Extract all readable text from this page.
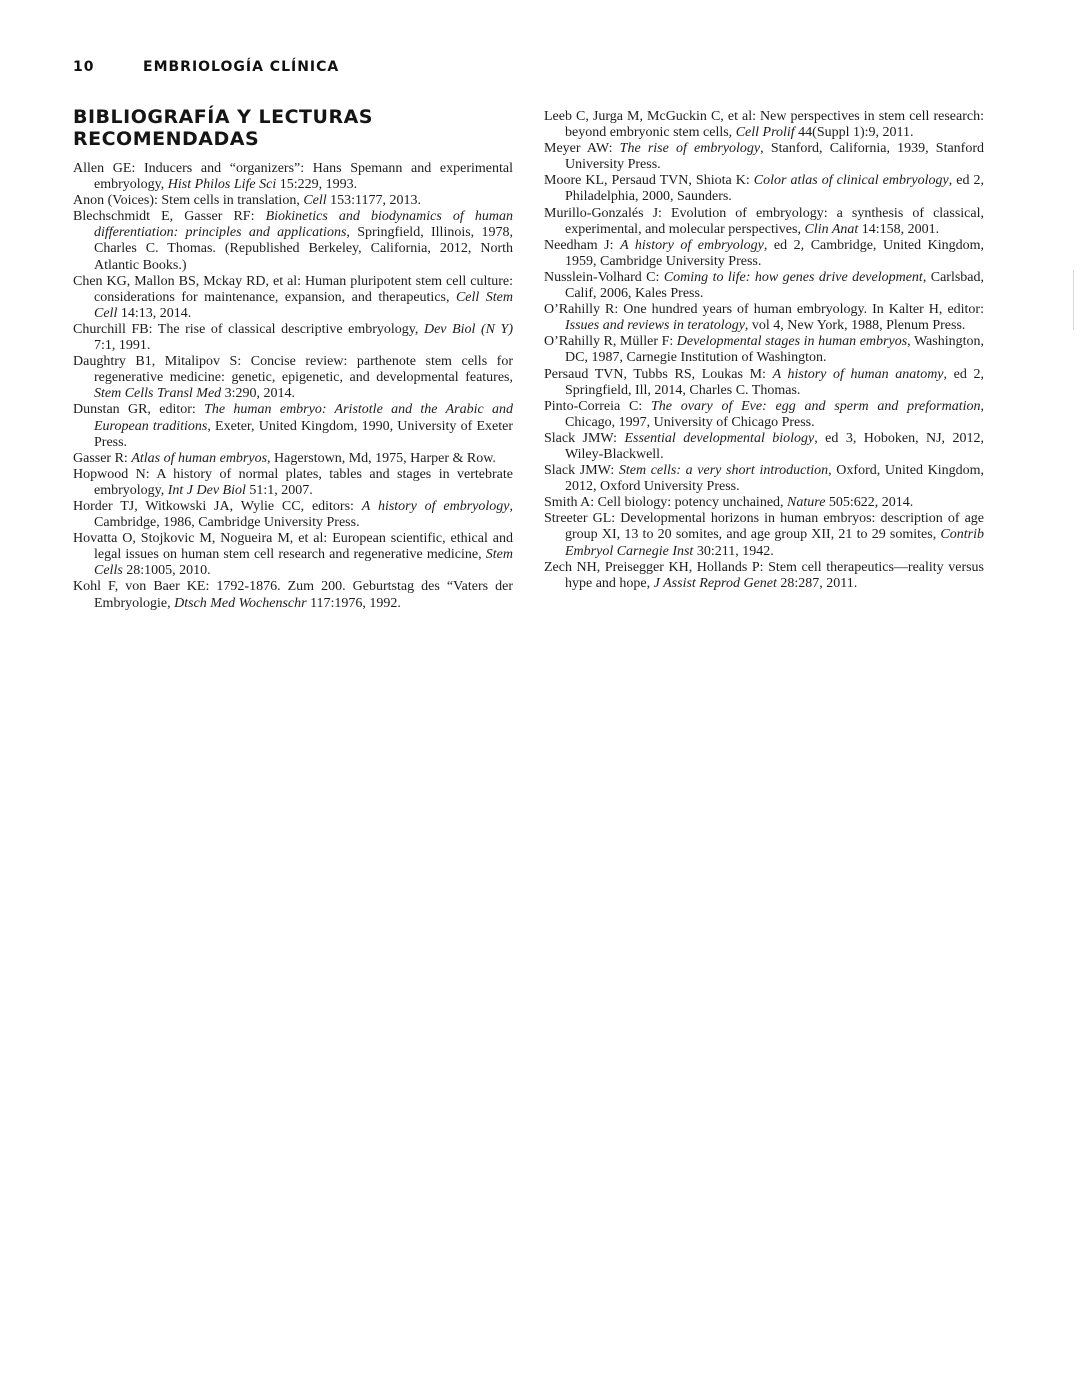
10	EMBRIOLOGÍA CLÍNICA
BIBLIOGRAFÍA Y LECTURAS
RECOMENDADAS
Allen GE: Inducers and “organizers”: Hans Spemann and experimental embryology, Hist Philos Life Sci 15:229, 1993.
Anon (Voices): Stem cells in translation, Cell 153:1177, 2013.
Blechschmidt E, Gasser RF: Biokinetics and biodynamics of human differentiation: principles and applications, Springfield, Illinois, 1978, Charles C. Thomas. (Republished Berkeley, California, 2012, North Atlantic Books.)
Chen KG, Mallon BS, Mckay RD, et al: Human pluripotent stem cell culture: considerations for maintenance, expansion, and therapeutics, Cell Stem Cell 14:13, 2014.
Churchill FB: The rise of classical descriptive embryology, Dev Biol (N Y) 7:1, 1991.
Daughtry B1, Mitalipov S: Concise review: parthenote stem cells for regenerative medicine: genetic, epigenetic, and developmental features, Stem Cells Transl Med 3:290, 2014.
Dunstan GR, editor: The human embryo: Aristotle and the Arabic and European traditions, Exeter, United Kingdom, 1990, University of Exeter Press.
Gasser R: Atlas of human embryos, Hagerstown, Md, 1975, Harper & Row.
Hopwood N: A history of normal plates, tables and stages in vertebrate embryology, Int J Dev Biol 51:1, 2007.
Horder TJ, Witkowski JA, Wylie CC, editors: A history of embryology, Cambridge, 1986, Cambridge University Press.
Hovatta O, Stojkovic M, Nogueira M, et al: European scientific, ethical and legal issues on human stem cell research and regenerative medicine, Stem Cells 28:1005, 2010.
Kohl F, von Baer KE: 1792-1876. Zum 200. Geburtstag des “Vaters der Embryologie, Dtsch Med Wochenschr 117:1976, 1992.
Leeb C, Jurga M, McGuckin C, et al: New perspectives in stem cell research: beyond embryonic stem cells, Cell Prolif 44(Suppl 1):9, 2011.
Meyer AW: The rise of embryology, Stanford, California, 1939, Stanford University Press.
Moore KL, Persaud TVN, Shiota K: Color atlas of clinical embryology, ed 2, Philadelphia, 2000, Saunders.
Murillo-Gonzalés J: Evolution of embryology: a synthesis of classical, experimental, and molecular perspectives, Clin Anat 14:158, 2001.
Needham J: A history of embryology, ed 2, Cambridge, United Kingdom, 1959, Cambridge University Press.
Nusslein-Volhard C: Coming to life: how genes drive development, Carlsbad, Calif, 2006, Kales Press.
O’Rahilly R: One hundred years of human embryology. In Kalter H, editor: Issues and reviews in teratology, vol 4, New York, 1988, Plenum Press.
O’Rahilly R, Müller F: Developmental stages in human embryos, Washington, DC, 1987, Carnegie Institution of Washington.
Persaud TVN, Tubbs RS, Loukas M: A history of human anatomy, ed 2, Springfield, Ill, 2014, Charles C. Thomas.
Pinto-Correia C: The ovary of Eve: egg and sperm and preformation, Chicago, 1997, University of Chicago Press.
Slack JMW: Essential developmental biology, ed 3, Hoboken, NJ, 2012, Wiley-Blackwell.
Slack JMW: Stem cells: a very short introduction, Oxford, United Kingdom, 2012, Oxford University Press.
Smith A: Cell biology: potency unchained, Nature 505:622, 2014.
Streeter GL: Developmental horizons in human embryos: description of age group XI, 13 to 20 somites, and age group XII, 21 to 29 somites, Contrib Embryol Carnegie Inst 30:211, 1942.
Zech NH, Preisegger KH, Hollands P: Stem cell therapeutics—reality versus hype and hope, J Assist Reprod Genet 28:287, 2011.
